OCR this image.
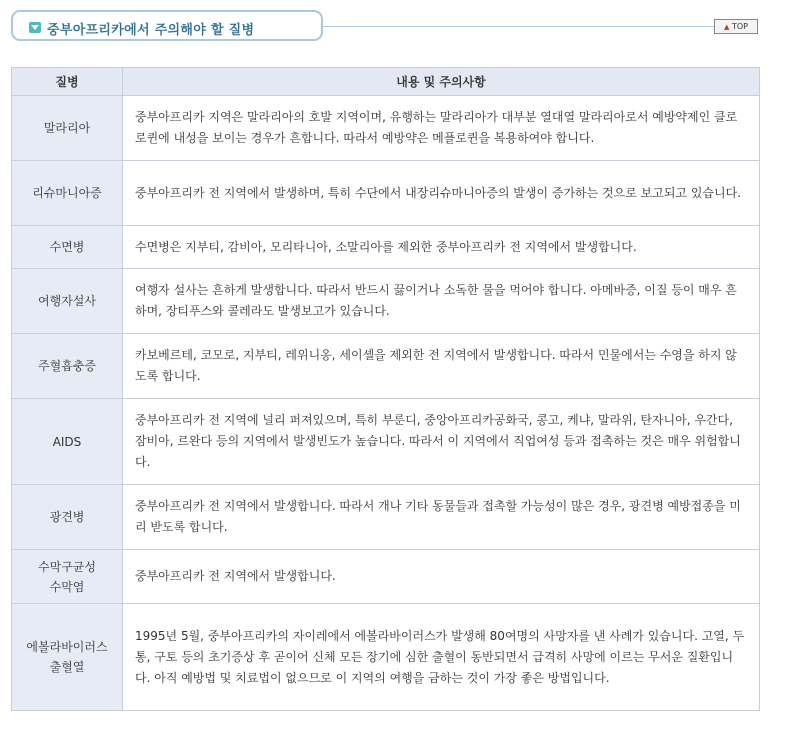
중부아프리카에서 주의해야 할 질병	▲ TOP
질병	내용 및 주의사항
말라리아	중부아프리카 지역은 말라리아의 호발 지역이며, 유행하는 말라리아가 대부분 열대열 말라리아로서 예방약제인 클로로퀸에 내성을 보이는 경우가 흔합니다. 따라서 예방약은 메플로퀸을 복용하여야 합니다.
리슈마니아증	중부아프리카 전 지역에서 발생하며, 특히 수단에서 내장리슈마니아증의 발생이 증가하는 것으로 보고되고 있습니다.
수면병	수면병은 지부티, 감비아, 모리타니아, 소말리아를 제외한 중부아프리카 전 지역에서 발생합니다.
여행자설사	여행자 설사는 흔하게 발생합니다. 따라서 반드시 끓이거나 소독한 물을 먹어야 합니다. 아메바증, 이질 등이 매우 흔하며, 장티푸스와 콜레라도 발생보고가 있습니다.
주혈흡충증	카보베르테, 코모로, 지부티, 레위니옹, 세이셸을 제외한 전 지역에서 발생합니다. 따라서 민물에서는 수영을 하지 않도록 합니다.
AIDS	중부아프리카 전 지역에 널리 퍼져있으며, 특히 부룬디, 중앙아프리카공화국, 콩고, 케냐, 말라위, 탄자니아, 우간다, 잠비아, 르완다 등의 지역에서 발생빈도가 높습니다. 따라서 이 지역에서 직업여성 등과 접촉하는 것은 매우 위험합니다.
광견병	중부아프리카 전 지역에서 발생합니다. 따라서 개나 기타 동물들과 접촉할 가능성이 많은 경우, 광견병 예방접종을 미리 받도록 합니다.
수막구균성
수막염	중부아프리카 전 지역에서 발생합니다.
에볼라바이러스
출혈열	1995년 5월, 중부아프리카의 자이레에서 에볼라바이러스가 발생해 80여명의 사망자를 낸 사례가 있습니다. 고열, 두통, 구토 등의 초기증상 후 곧이어 신체 모든 장기에 심한 출혈이 동반되면서 급격히 사망에 이르는 무서운 질환입니다. 아직 예방법 및 치료법이 없으므로 이 지역의 여행을 금하는 것이 가장 좋은 방법입니다.
